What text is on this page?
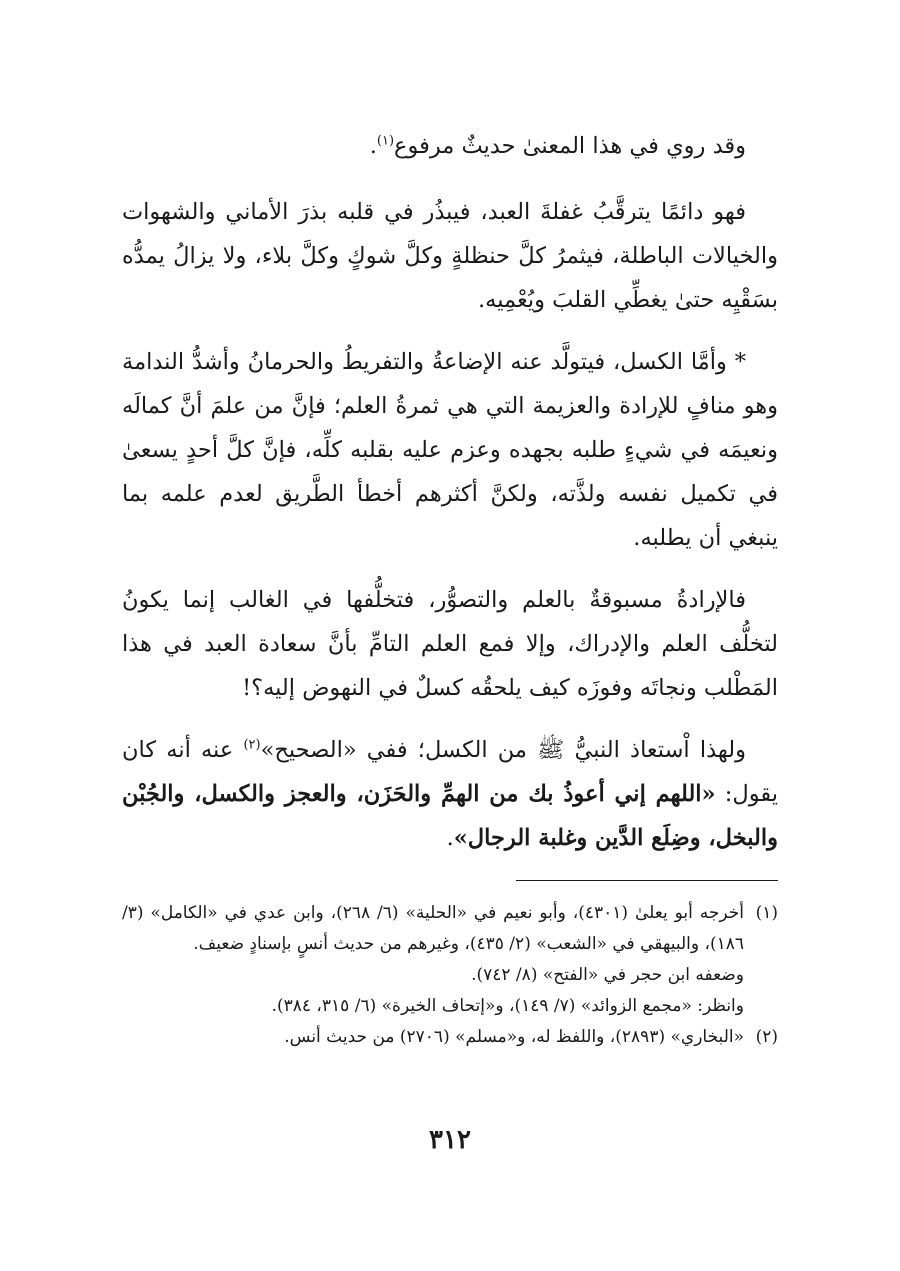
وقد روي في هذا المعنىٰ حديثٌ مرفوع$^{(١)}$.

فهو دائمًا يترقَّبُ غفلةَ العبد، فيبذُر في قلبه بذرَ الأماني والشهوات والخيالات الباطلة، فيثمرُ كلَّ حنظلةٍ وكلَّ شوكٍ وكلَّ بلاء، ولا يزالُ يمدُّه بسَقْيِه حتىٰ يغطِّي القلبَ ويُعْمِيه.

* وأمَّا الكسل، فيتولَّد عنه الإضاعةُ والتفريطُ والحرمانُ وأشدُّ الندامة وهو منافٍ للإرادة والعزيمة التي هي ثمرةُ العلم؛ فإنَّ من علمَ أنَّ كمالَه ونعيمَه في شيءٍ طلبه بجهده وعزم عليه بقلبه كلِّه، فإنَّ كلَّ أحدٍ يسعىٰ في تكميل نفسه ولذَّته، ولكنَّ أكثرهم أخطأ الطَّريق لعدم علمه بما ينبغي أن يطلبه.

فالإرادةُ مسبوقةٌ بالعلم والتصوُّر، فتخلُّفها في الغالب إنما يكونُ لتخلُّف العلم والإدراك، وإلا فمع العلم التامِّ بأنَّ سعادة العبد في هذا المَطْلب ونجاتَه وفوزَه كيف يلحقُه كسلٌ في النهوض إليه؟!

ولهذا اْستعاذ النبيُّ ﷺ من الكسل؛ ففي «الصحيح»$^{(٢)}$ عنه أنه كان يقول: «اللهم إني أعوذُ بك من الهمِّ والحَزَن، والعجز والكسل، والجُبْن والبخل، وضِلَع الدَّين وغلبة الرجال».

(١)
أخرجه أبو يعلىٰ (٤٣٠١)، وأبو نعيم في «الحلية» (٦/ ٢٦٨)، وابن عدي في «الكامل» (٣/ ١٨٦)، والبيهقي في «الشعب» (٢/ ٤٣٥)، وغيرهم من حديث أنسٍ بإسنادٍ ضعيف.
وضعفه ابن حجر في «الفتح» (٨/ ٧٤٢).
وانظر: «مجمع الزوائد» (٧/ ١٤٩)، و«إتحاف الخيرة» (٦/ ٣١٥، ٣٨٤).
(٢)
«البخاري» (٢٨٩٣)، واللفظ له، و«مسلم» (٢٧٠٦) من حديث أنس.
٣١٢
